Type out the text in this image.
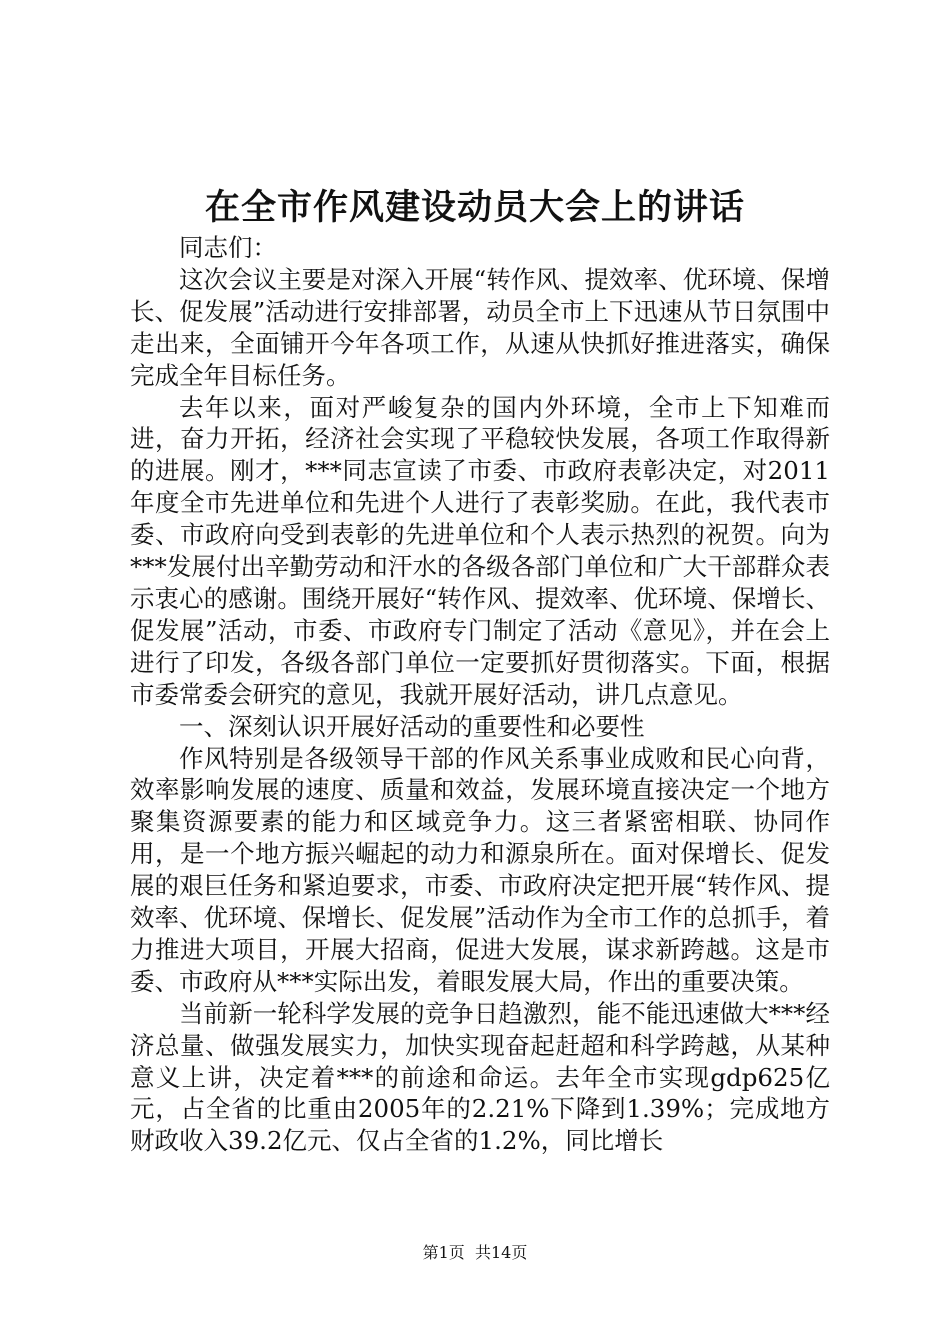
在全市作风建设动员大会上的讲话

同志们：

这次会议主要是对深入开展“转作风、提效率、优环境、保增长、促发展”活动进行安排部署，动员全市上下迅速从节日氛围中走出来，全面铺开今年各项工作，从速从快抓好推进落实，确保完成全年目标任务。

去年以来，面对严峻复杂的国内外环境，全市上下知难而进，奋力开拓，经济社会实现了平稳较快发展，各项工作取得新的进展。刚才，***同志宣读了市委、市政府表彰决定，对2011年度全市先进单位和先进个人进行了表彰奖励。在此，我代表市委、市政府向受到表彰的先进单位和个人表示热烈的祝贺。向为***发展付出辛勤劳动和汗水的各级各部门单位和广大干部群众表示衷心的感谢。围绕开展好“转作风、提效率、优环境、保增长、促发展”活动，市委、市政府专门制定了活动《意见》，并在会上进行了印发，各级各部门单位一定要抓好贯彻落实。下面，根据市委常委会研究的意见，我就开展好活动，讲几点意见。

一、深刻认识开展好活动的重要性和必要性

作风特别是各级领导干部的作风关系事业成败和民心向背，效率影响发展的速度、质量和效益，发展环境直接决定一个地方聚集资源要素的能力和区域竞争力。这三者紧密相联、协同作用，是一个地方振兴崛起的动力和源泉所在。面对保增长、促发展的艰巨任务和紧迫要求，市委、市政府决定把开展“转作风、提效率、优环境、保增长、促发展”活动作为全市工作的总抓手，着力推进大项目，开展大招商，促进大发展，谋求新跨越。这是市委、市政府从***实际出发，着眼发展大局，作出的重要决策。

当前新一轮科学发展的竞争日趋激烈，能不能迅速做大***经济总量、做强发展实力，加快实现奋起赶超和科学跨越，从某种意义上讲，决定着***的前途和命运。去年全市实现gdp625亿元，占全省的比重由2005年的2.21%下降到1.39%；完成地方财政收入39.2亿元、仅占全省的1.2%，同比增长

第1页 共14页
